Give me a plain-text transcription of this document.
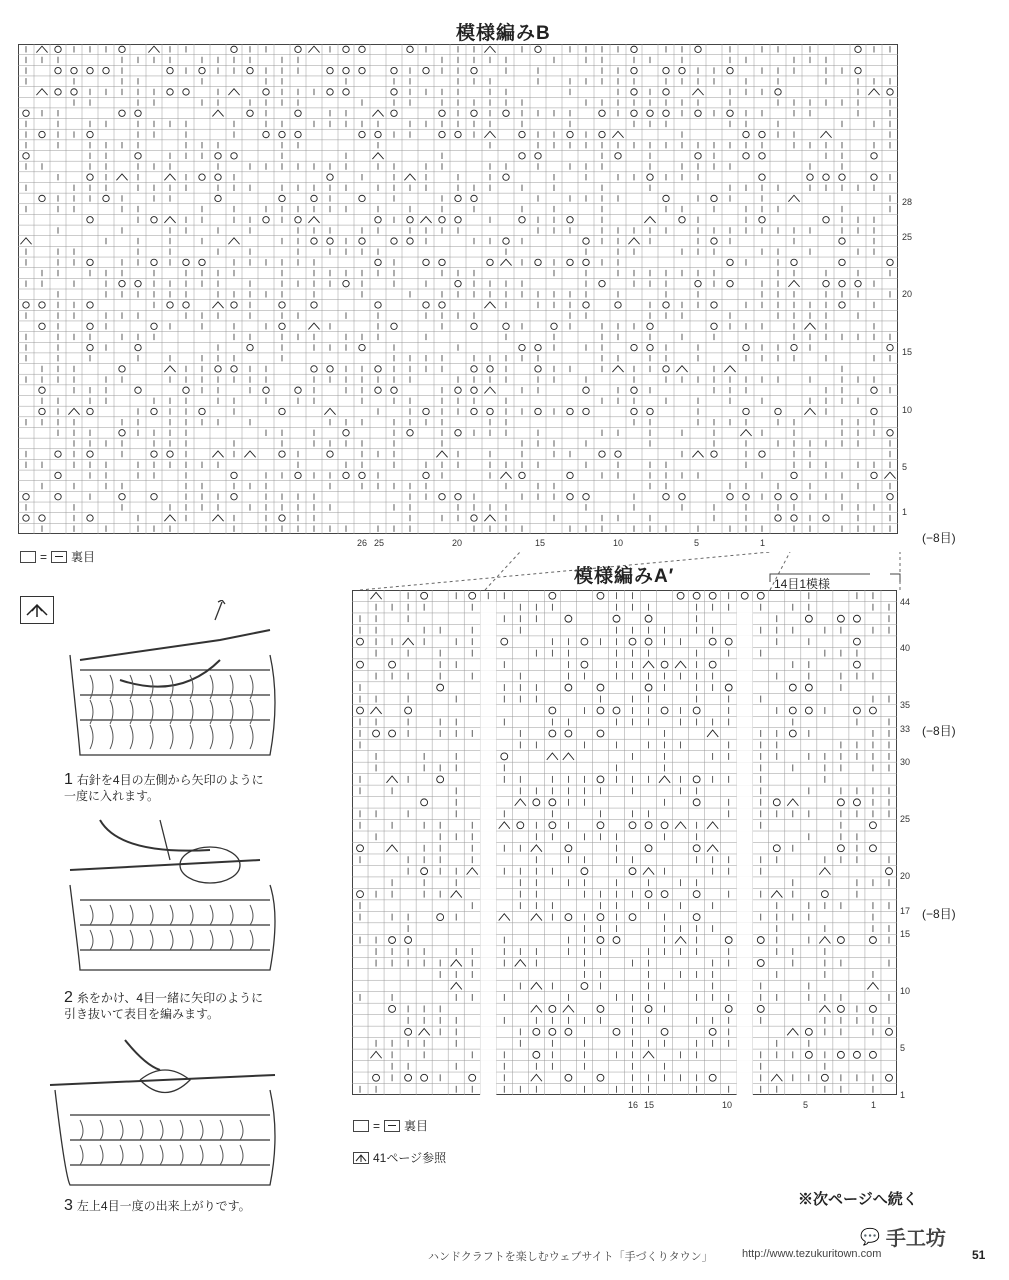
模様編みB
28
25
20
15
10
5
1
(−8目)
26 25	20	15	10	5	1
= 裏目
1 右針を4目の左側から矢印のように一度に入れます。
2 糸をかけ、4目一緒に矢印のように引き抜いて表目を編みます。
3 左上4目一度の出来上がりです。
模様編みA′	14目1模様
44
40
35
33
30
25
20
17
15
10
5
1
(−8目)
(−8目)
16 15	10	5	1
= 裏目
41ページ参照
※次ページへ続く
💬 手工坊
ハンドクラフトを楽しむウェブサイト「手づくりタウン」	http://www.tezukuritown.com	51
